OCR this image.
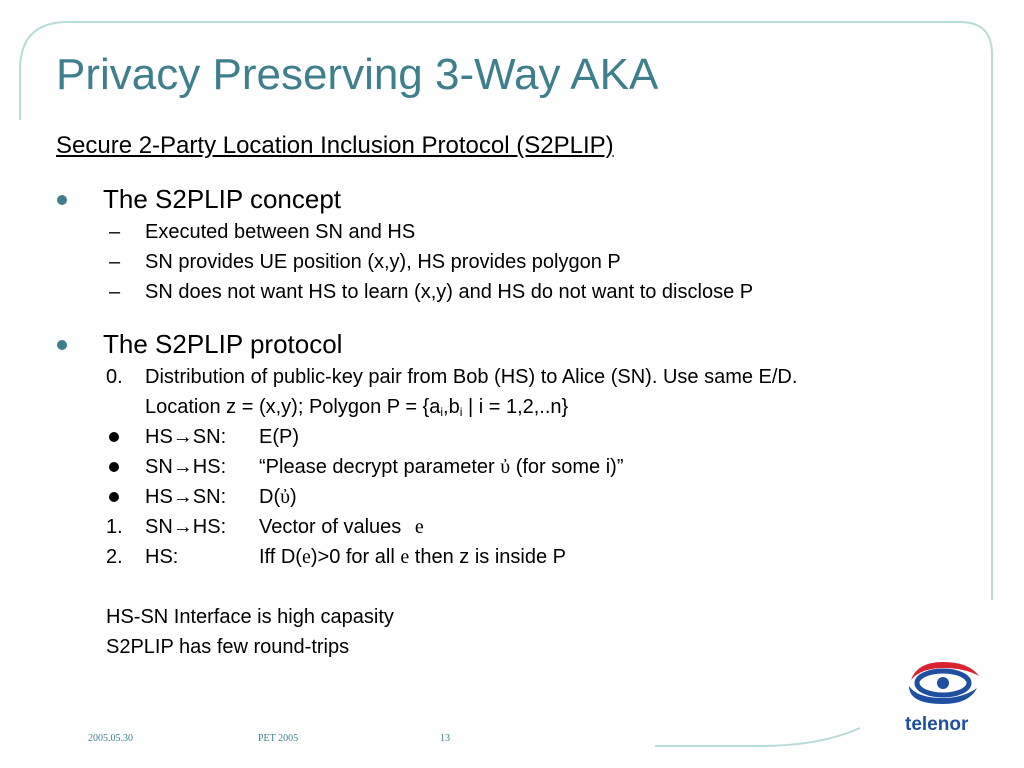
Privacy Preserving 3-Way AKA
Secure 2-Party Location Inclusion Protocol (S2PLIP)
The S2PLIP concept
– Executed between SN and HS
– SN provides UE position (x,y), HS provides polygon P
– SN does not want HS to learn (x,y) and HS do not want to disclose P
The S2PLIP protocol
0. Distribution of public-key pair from Bob (HS) to Alice (SN). Use same E/D.
Location z = (x,y); Polygon $P = \{a_i,b_i$ | i = 1,2,..n}
HS→SN: E(P)
SN→HS: “Please decrypt parameter ὐ (for some i)”
HS→SN: D(ὐ)
1. SN→HS: Vector of values e
2. HS:	Iff D(e)>0 for all e then z is inside P
HS-SN Interface is high capasity
S2PLIP has few round-trips
2005.05.30	PET 2005	13
telenor
